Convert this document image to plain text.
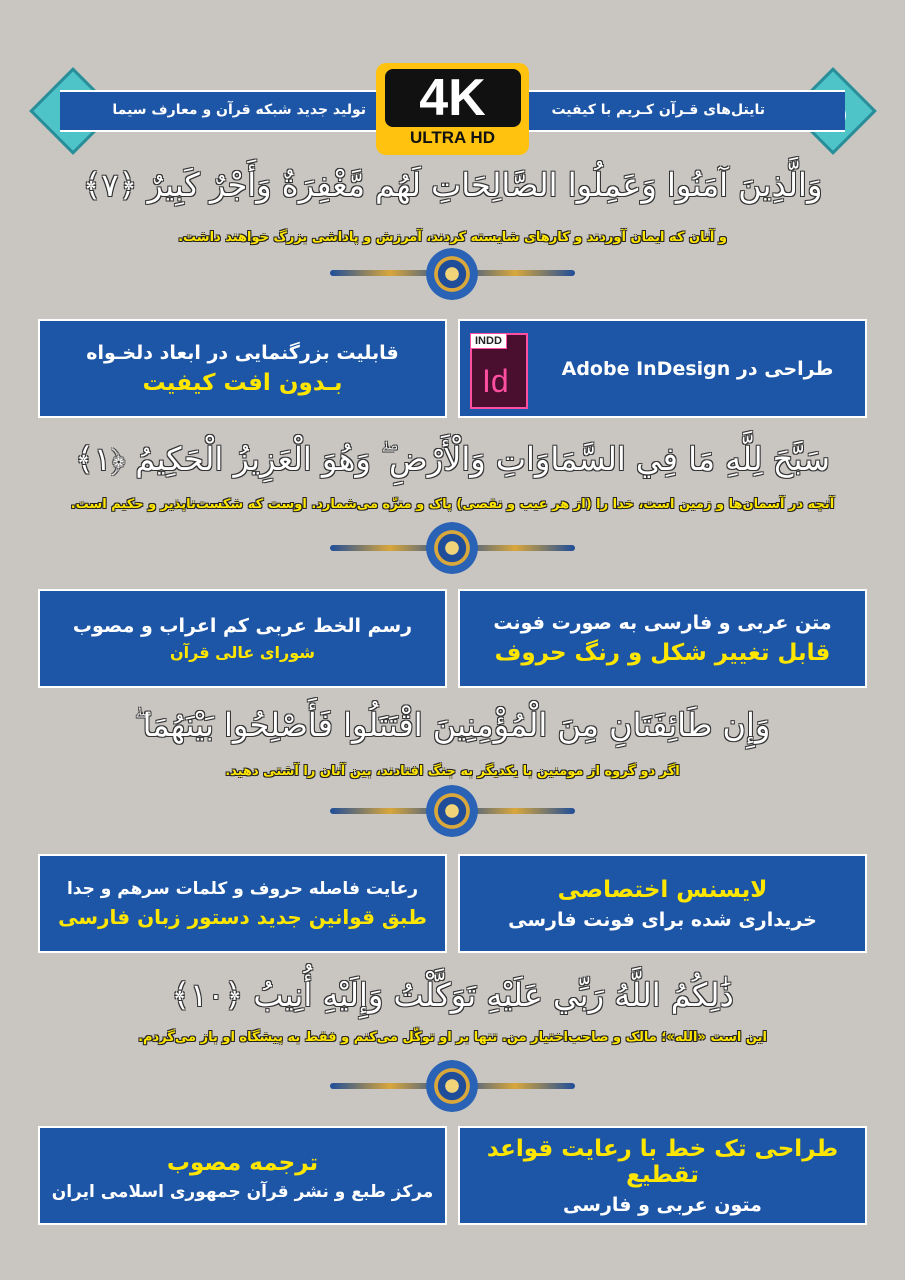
تایتل‌های قـرآن کـریم با کیفیت
تولید جدید شبکه قرآن و معارف سیما	4K
ULTRA HD
وَالَّذِينَ آمَنُوا وَعَمِلُوا الصَّالِحَاتِ لَهُم مَّغْفِرَةٌ وَأَجْرٌ كَبِيرٌ ﴿٧﴾
و آنان که ایمان آوردند و کارهای شایسته کردند، آمرزش و پاداشی بزرگ خواهند داشت.
INDD
Id	طراحی در Adobe InDesign
قابلیت بزرگنمایی در ابعاد دلخـواه
بـدون افت کیفیت
سَبَّحَ لِلَّهِ مَا فِي السَّمَاوَاتِ وَالْأَرْضِ ۖ وَهُوَ الْعَزِيزُ الْحَكِيمُ ﴿١﴾
آنچه در آسمان‌ها و زمین است، خدا را (از هر عیب و نقصی) پاک و منزّه می‌شمارد. اوست که شکست‌ناپذیر و حکیم است.
متن عربی و فارسی به صورت فونت
قابل تغییر شکل و رنگ حروف
رسم الخط عربی کم اعراب و مصوب
شورای عالی قرآن
وَإِن طَائِفَتَانِ مِنَ الْمُؤْمِنِينَ اقْتَتَلُوا فَأَصْلِحُوا بَيْنَهُمَا ۖ
اگر دو گروه از مومنین با یکدیگر به جنگ افتادند، بین آنان را آشتی دهید.
لایسنس اختصاصی
خریداری شده برای فونت فارسی
رعایت فاصله حروف و کلمات سرهم و جدا
طبق قوانین جدید دستور زبان فارسی
ذَٰلِكُمُ اللَّهُ رَبِّي عَلَيْهِ تَوَكَّلْتُ وَإِلَيْهِ أُنِيبُ ﴿١٠﴾
این است «الله»؛ مالک و صاحب‌اختیار من. تنها بر او توکّل می‌کنم و فقط به پیشگاه او باز می‌گردم.
طراحی تک خط با رعایت قواعد تقطیع
متون عربی و فارسی
ترجمه مصوب
مرکز طبع و نشر قرآن جمهوری اسلامی ایران
